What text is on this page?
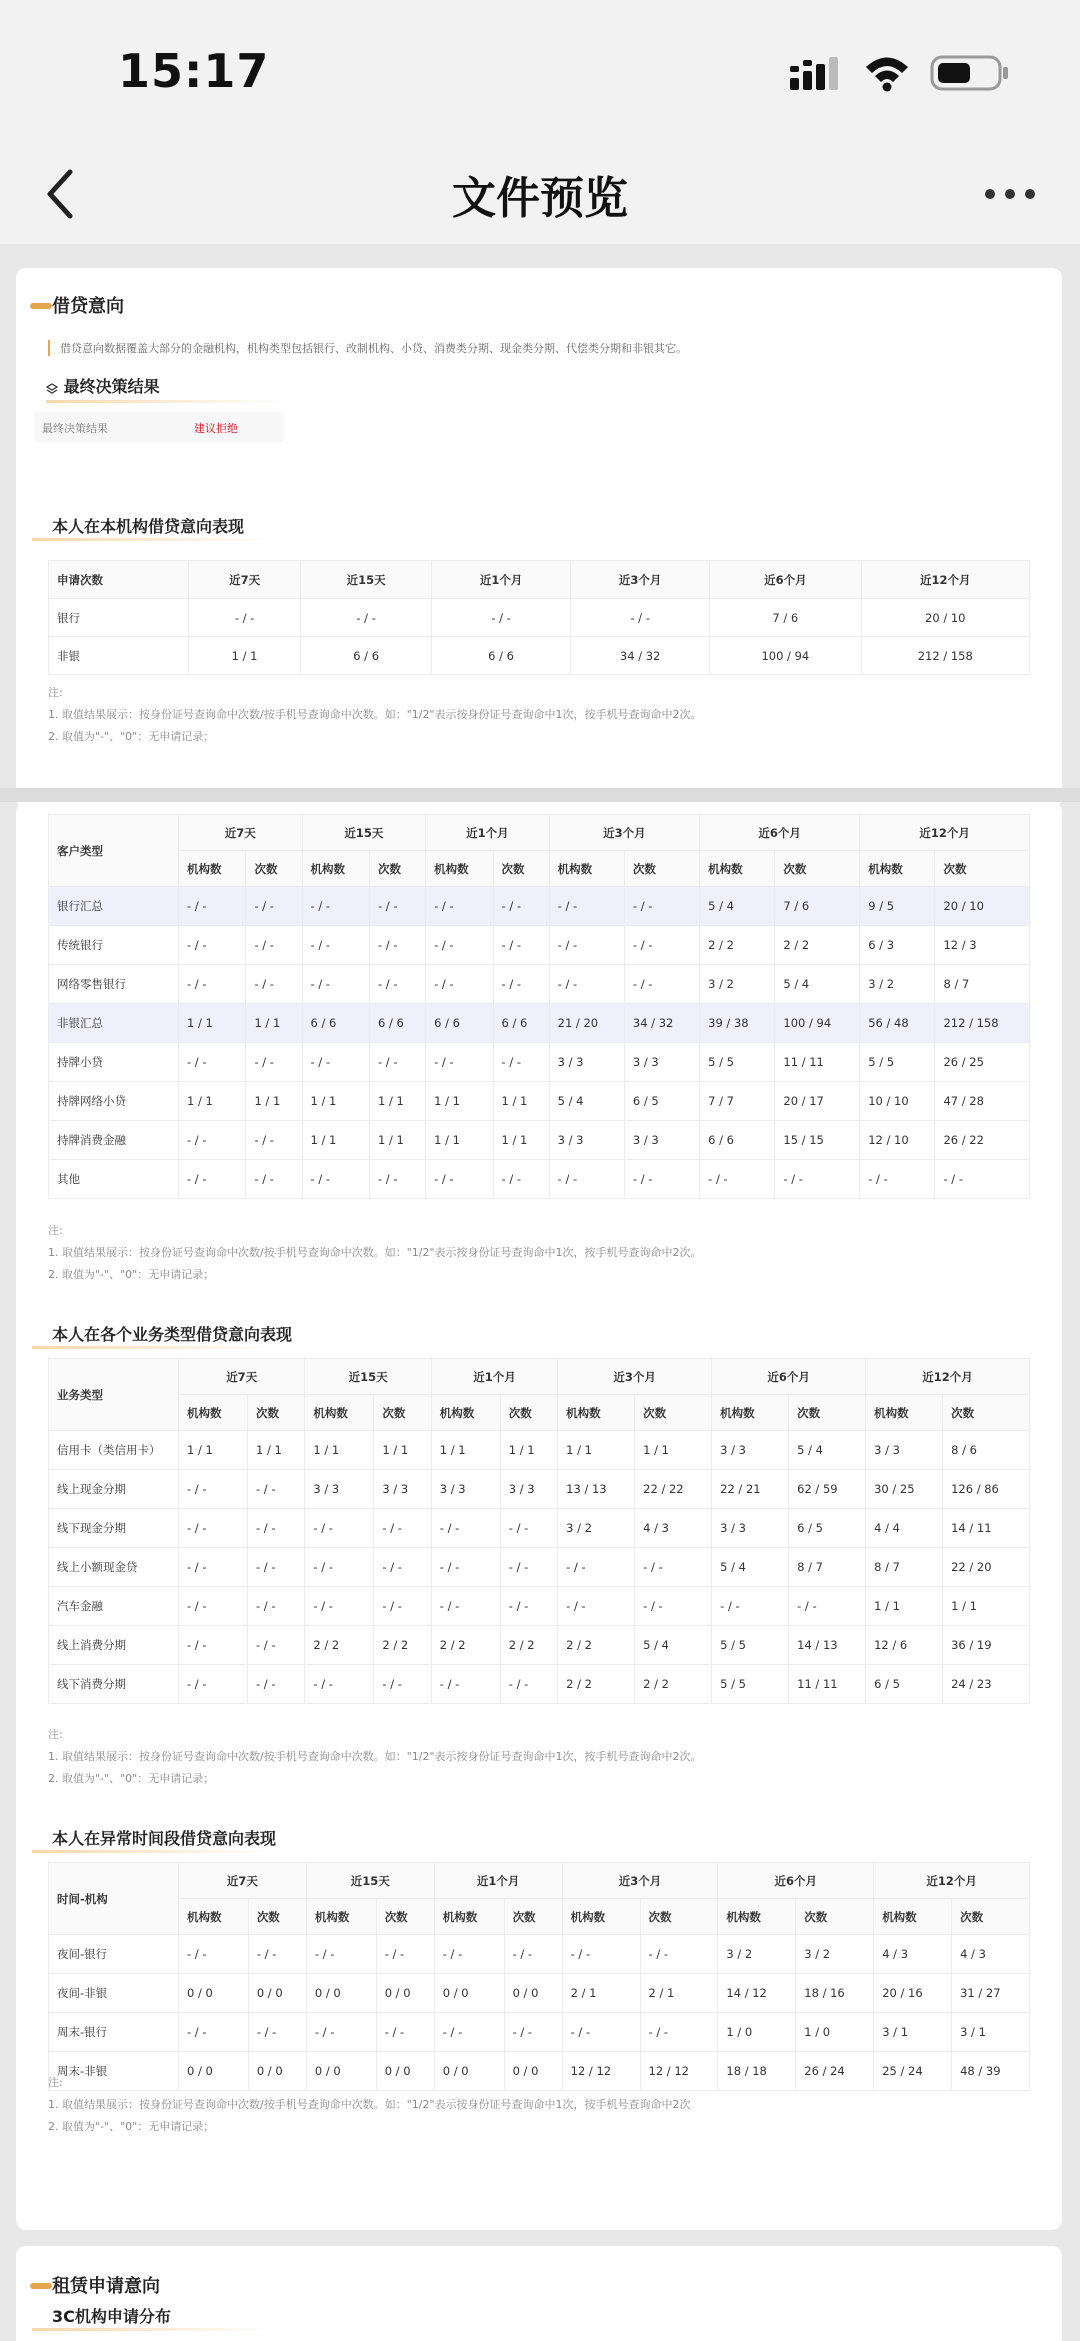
15:17
文件预览
借贷意向
借贷意向数据覆盖大部分的金融机构，机构类型包括银行、改制机构、小贷、消费类分期、现金类分期、代偿类分期和非银其它。
最终决策结果
最终决策结果	建议拒绝
本人在本机构借贷意向表现
申请次数	近7天	近15天	近1个月	近3个月	近6个月	近12个月
银行	- / -	- / -	- / -	- / -	7 / 6	20 / 10
非银	1 / 1	6 / 6	6 / 6	34 / 32	100 / 94	212 / 158
注:
1. 取值结果展示：按身份证号查询命中次数/按手机号查询命中次数。如："1/2"表示按身份证号查询命中1次，按手机号查询命中2次。
2. 取值为"-"、"0"：无申请记录；
客户类型	近7天		近15天		近1个月		近3个月		近6个月		近12个月	
	机构数	次数	机构数	次数	机构数	次数	机构数	次数	机构数	次数	机构数	次数
银行汇总	- / -	- / -	- / -	- / -	- / -	- / -	- / -	- / -	5 / 4	7 / 6	9 / 5	20 / 10
传统银行	- / -	- / -	- / -	- / -	- / -	- / -	- / -	- / -	2 / 2	2 / 2	6 / 3	12 / 3
网络零售银行	- / -	- / -	- / -	- / -	- / -	- / -	- / -	- / -	3 / 2	5 / 4	3 / 2	8 / 7
非银汇总	1 / 1	1 / 1	6 / 6	6 / 6	6 / 6	6 / 6	21 / 20	34 / 32	39 / 38	100 / 94	56 / 48	212 / 158
持牌小贷	- / -	- / -	- / -	- / -	- / -	- / -	3 / 3	3 / 3	5 / 5	11 / 11	5 / 5	26 / 25
持牌网络小贷	1 / 1	1 / 1	1 / 1	1 / 1	1 / 1	1 / 1	5 / 4	6 / 5	7 / 7	20 / 17	10 / 10	47 / 28
持牌消费金融	- / -	- / -	1 / 1	1 / 1	1 / 1	1 / 1	3 / 3	3 / 3	6 / 6	15 / 15	12 / 10	26 / 22
其他	- / -	- / -	- / -	- / -	- / -	- / -	- / -	- / -	- / -	- / -	- / -	- / -
注:
1. 取值结果展示：按身份证号查询命中次数/按手机号查询命中次数。如："1/2"表示按身份证号查询命中1次，按手机号查询命中2次。
2. 取值为"-"、"0"：无申请记录；
本人在各个业务类型借贷意向表现
业务类型	近7天		近15天		近1个月		近3个月		近6个月		近12个月	
	机构数	次数	机构数	次数	机构数	次数	机构数	次数	机构数	次数	机构数	次数
信用卡（类信用卡）	1 / 1	1 / 1	1 / 1	1 / 1	1 / 1	1 / 1	1 / 1	1 / 1	3 / 3	5 / 4	3 / 3	8 / 6
线上现金分期	- / -	- / -	3 / 3	3 / 3	3 / 3	3 / 3	13 / 13	22 / 22	22 / 21	62 / 59	30 / 25	126 / 86
线下现金分期	- / -	- / -	- / -	- / -	- / -	- / -	3 / 2	4 / 3	3 / 3	6 / 5	4 / 4	14 / 11
线上小额现金贷	- / -	- / -	- / -	- / -	- / -	- / -	- / -	- / -	5 / 4	8 / 7	8 / 7	22 / 20
汽车金融	- / -	- / -	- / -	- / -	- / -	- / -	- / -	- / -	- / -	- / -	1 / 1	1 / 1
线上消费分期	- / -	- / -	2 / 2	2 / 2	2 / 2	2 / 2	2 / 2	5 / 4	5 / 5	14 / 13	12 / 6	36 / 19
线下消费分期	- / -	- / -	- / -	- / -	- / -	- / -	2 / 2	2 / 2	5 / 5	11 / 11	6 / 5	24 / 23
注:
1. 取值结果展示：按身份证号查询命中次数/按手机号查询命中次数。如："1/2"表示按身份证号查询命中1次，按手机号查询命中2次。
2. 取值为"-"、"0"：无申请记录；
本人在异常时间段借贷意向表现
时间-机构	近7天		近15天		近1个月		近3个月		近6个月		近12个月	
	机构数	次数	机构数	次数	机构数	次数	机构数	次数	机构数	次数	机构数	次数
夜间-银行	- / -	- / -	- / -	- / -	- / -	- / -	- / -	- / -	3 / 2	3 / 2	4 / 3	4 / 3
夜间-非银	0 / 0	0 / 0	0 / 0	0 / 0	0 / 0	0 / 0	2 / 1	2 / 1	14 / 12	18 / 16	20 / 16	31 / 27
周末-银行	- / -	- / -	- / -	- / -	- / -	- / -	- / -	- / -	1 / 0	1 / 0	3 / 1	3 / 1
周末-非银	0 / 0	0 / 0	0 / 0	0 / 0	0 / 0	0 / 0	12 / 12	12 / 12	18 / 18	26 / 24	25 / 24	48 / 39
注:
1. 取值结果展示：按身份证号查询命中次数/按手机号查询命中次数。如："1/2"表示按身份证号查询命中1次，按手机号查询命中2次
2. 取值为"-"、"0"：无申请记录；
租赁申请意向
3C机构申请分布
